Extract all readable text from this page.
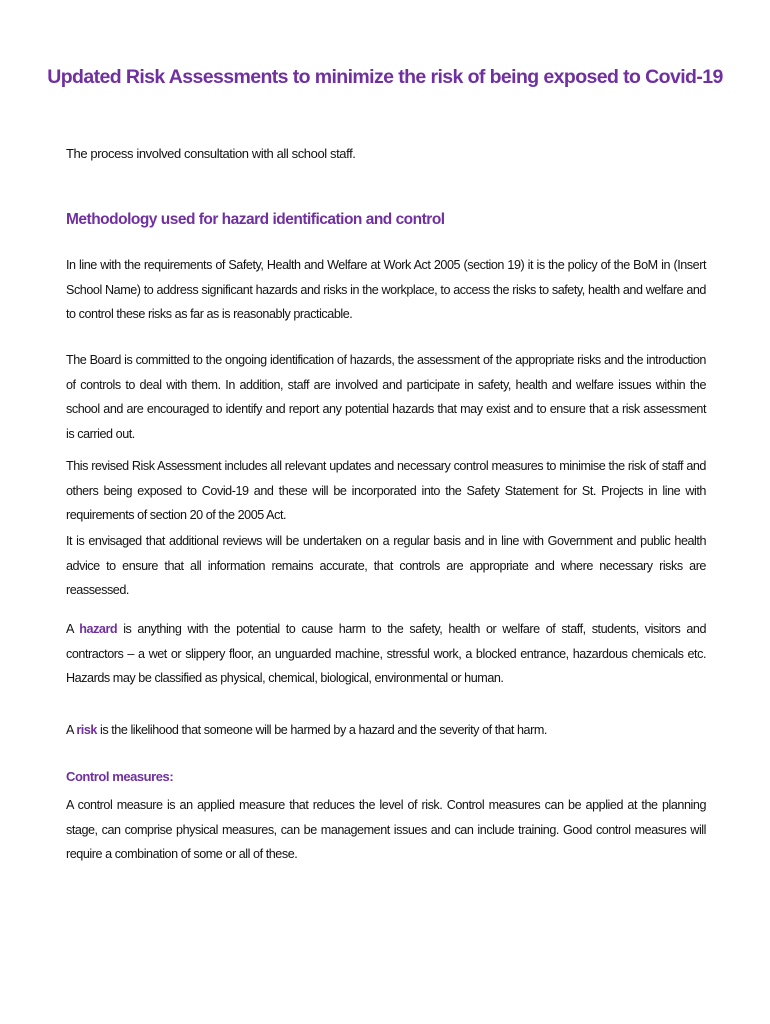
Updated Risk Assessments to minimize the risk of being exposed to Covid-19
The process involved consultation with all school staff.
Methodology used for hazard identification and control
In line with the requirements of Safety, Health and Welfare at Work Act 2005 (section 19) it is the policy of the BoM in (Insert School Name) to address significant hazards and risks in the workplace, to access the risks to safety, health and welfare and to control these risks as far as is reasonably practicable.
The Board is committed to the ongoing identification of hazards, the assessment of the appropriate risks and the introduction of controls to deal with them. In addition, staff are involved and participate in safety, health and welfare issues within the school and are encouraged to identify and report any potential hazards that may exist and to ensure that a risk assessment is carried out.
This revised Risk Assessment includes all relevant updates and necessary control measures to minimise the risk of staff and others being exposed to Covid-19 and these will be incorporated into the Safety Statement for St. Projects in line with requirements of section 20 of the 2005 Act.
It is envisaged that additional reviews will be undertaken on a regular basis and in line with Government and public health advice to ensure that all information remains accurate, that controls are appropriate and where necessary risks are reassessed.
A hazard is anything with the potential to cause harm to the safety, health or welfare of staff, students, visitors and contractors – a wet or slippery floor, an unguarded machine, stressful work, a blocked entrance, hazardous chemicals etc. Hazards may be classified as physical, chemical, biological, environmental or human.
A risk is the likelihood that someone will be harmed by a hazard and the severity of that harm.
Control measures:
A control measure is an applied measure that reduces the level of risk. Control measures can be applied at the planning stage, can comprise physical measures, can be management issues and can include training. Good control measures will require a combination of some or all of these.
